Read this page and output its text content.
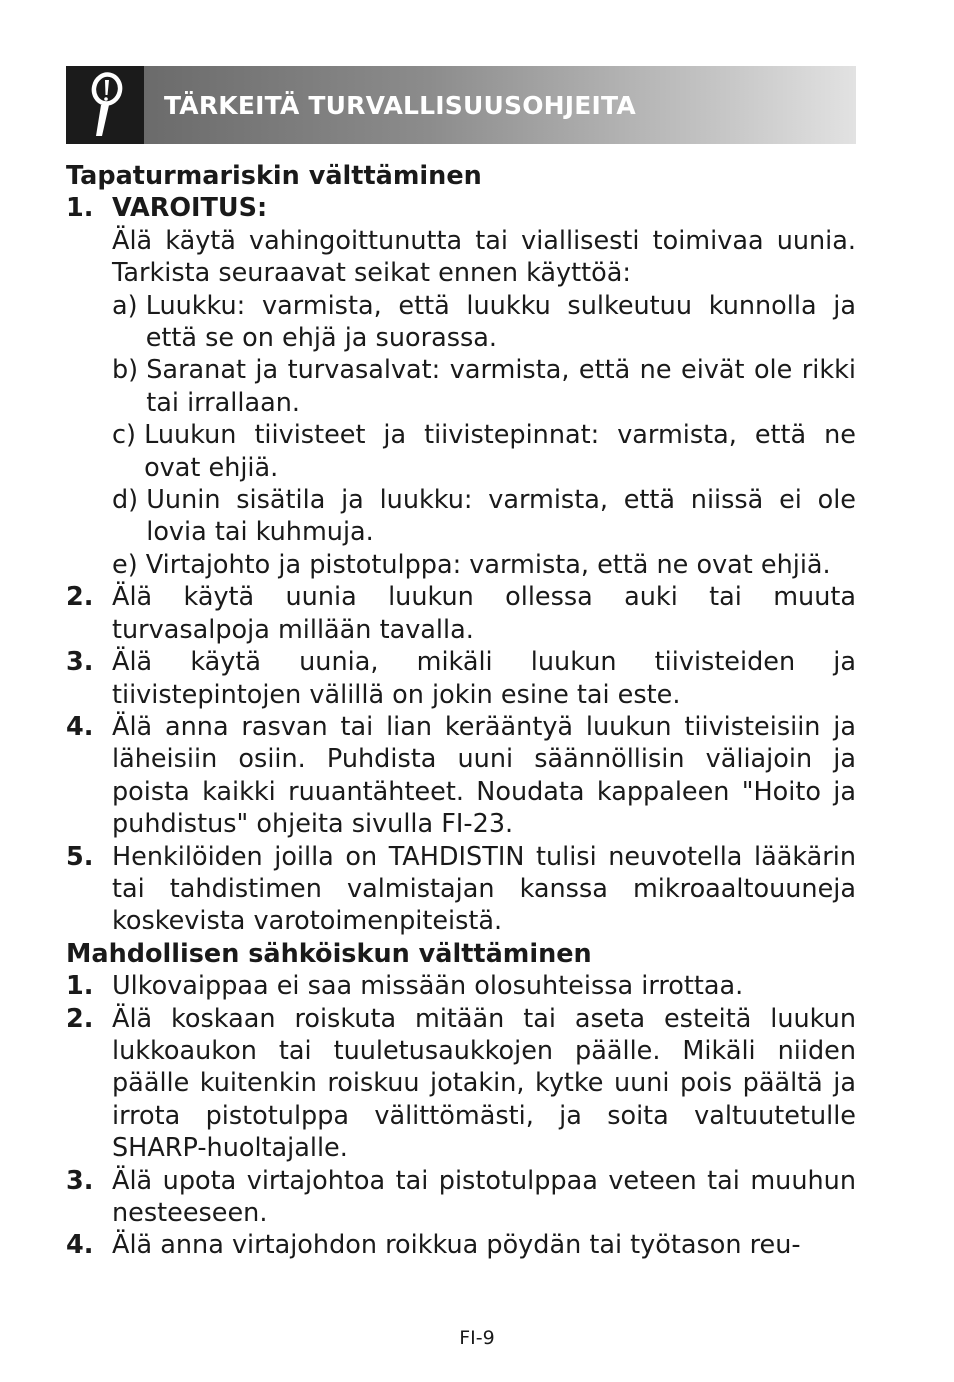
TÄRKEITÄ TURVALLISUUSOHJEITA
Tapaturmariskin välttäminen
1. VAROITUS:
Älä käytä vahingoittunutta tai viallisesti toimivaa uunia. Tarkista seuraavat seikat ennen käyttöä:
a) Luukku: varmista, että luukku sulkeutuu kunnolla ja että se on ehjä ja suorassa.
b) Saranat ja turvasalvat: varmista, että ne eivät ole rikki tai irrallaan.
c) Luukun tiivisteet ja tiivistepinnat: varmista, että ne ovat ehjiä.
d) Uunin sisätila ja luukku: varmista, että niissä ei ole lovia tai kuhmuja.
e) Virtajohto ja pistotulppa: varmista, että ne ovat ehjiä.
2. Älä käytä uunia luukun ollessa auki tai muuta turvasalpoja millään tavalla.
3. Älä käytä uunia, mikäli luukun tiivisteiden ja tiivistepintojen välillä on jokin esine tai este.
4. Älä anna rasvan tai lian kerääntyä luukun tiivisteisiin ja läheisiin osiin. Puhdista uuni säännöllisin väliajoin ja poista kaikki ruuantähteet. Noudata kappaleen "Hoito ja puhdistus" ohjeita sivulla FI-23.
5. Henkilöiden joilla on TAHDISTIN tulisi neuvotella lääkärin tai tahdistimen valmistajan kanssa mikroaaltouuneja koskevista varotoimenpiteistä.
Mahdollisen sähköiskun välttäminen
1. Ulkovaippaa ei saa missään olosuhteissa irrottaa.
2. Älä koskaan roiskuta mitään tai aseta esteitä luukun lukkoaukon tai tuuletusaukkojen päälle. Mikäli niiden päälle kuitenkin roiskuu jotakin, kytke uuni pois päältä ja irrota pistotulppa välittömästi, ja soita valtuutetulle SHARP-huoltajalle.
3. Älä upota virtajohtoa tai pistotulppaa veteen tai muuhun nesteeseen.
4. Älä anna virtajohdon roikkua pöydän tai työtason reu-
FI-9
